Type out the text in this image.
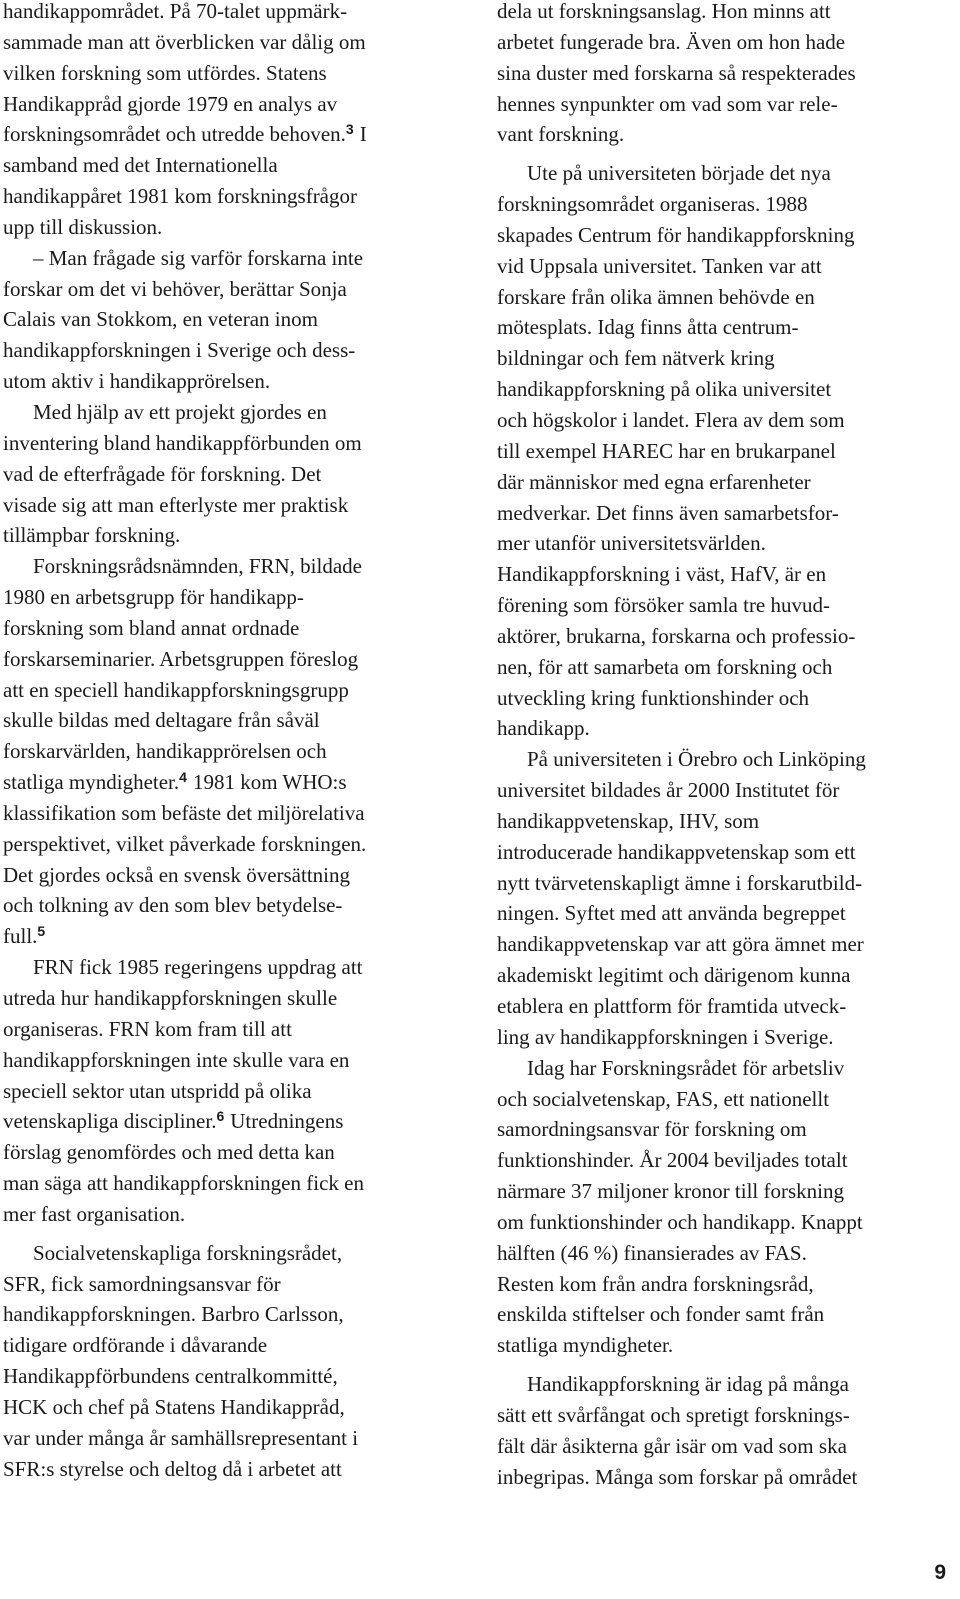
handikappområdet. På 70-talet uppmärk-
sammade man att överblicken var dålig om
vilken forskning som utfördes. Statens
Handikappråd gjorde 1979 en analys av
forskningsområdet och utredde behoven.$^3$ I
samband med det Internationella
handikappåret 1981 kom forskningsfrågor
upp till diskussion.
– Man frågade sig varför forskarna inte
forskar om det vi behöver, berättar Sonja
Calais van Stokkom, en veteran inom
handikappforskningen i Sverige och dess-
utom aktiv i handikapprörelsen.
Med hjälp av ett projekt gjordes en
inventering bland handikappförbunden om
vad de efterfrågade för forskning. Det
visade sig att man efterlyste mer praktisk
tillämpbar forskning.
Forskningsrådsnämnden, FRN, bildade
1980 en arbetsgrupp för handikapp-
forskning som bland annat ordnade
forskarseminarier. Arbetsgruppen föreslog
att en speciell handikappforskningsgrupp
skulle bildas med deltagare från såväl
forskarvärlden, handikapprörelsen och
statliga myndigheter.$^4$ 1981 kom WHO:s
klassifikation som befäste det miljörelativa
perspektivet, vilket påverkade forskningen.
Det gjordes också en svensk översättning
och tolkning av den som blev betydelse-
full.$^5$
FRN fick 1985 regeringens uppdrag att
utreda hur handikappforskningen skulle
organiseras. FRN kom fram till att
handikappforskningen inte skulle vara en
speciell sektor utan utspridd på olika
vetenskapliga discipliner.$^6$ Utredningens
förslag genomfördes och med detta kan
man säga att handikappforskningen fick en
mer fast organisation.
Socialvetenskapliga forskningsrådet,
SFR, fick samordningsansvar för
handikappforskningen. Barbro Carlsson,
tidigare ordförande i dåvarande
Handikappförbundens centralkommitté,
HCK och chef på Statens Handikappråd,
var under många år samhällsrepresentant i
SFR:s styrelse och deltog då i arbetet att
dela ut forskningsanslag. Hon minns att
arbetet fungerade bra. Även om hon hade
sina duster med forskarna så respekterades
hennes synpunkter om vad som var rele-
vant forskning.
Ute på universiteten började det nya
forskningsområdet organiseras. 1988
skapades Centrum för handikappforskning
vid Uppsala universitet. Tanken var att
forskare från olika ämnen behövde en
mötesplats. Idag finns åtta centrum-
bildningar och fem nätverk kring
handikappforskning på olika universitet
och högskolor i landet. Flera av dem som
till exempel HAREC har en brukarpanel
där människor med egna erfarenheter
medverkar. Det finns även samarbetsfor-
mer utanför universitetsvärlden.
Handikappforskning i väst, HafV, är en
förening som försöker samla tre huvud-
aktörer, brukarna, forskarna och professio-
nen, för att samarbeta om forskning och
utveckling kring funktionshinder och
handikapp.
På universiteten i Örebro och Linköping
universitet bildades år 2000 Institutet för
handikappvetenskap, IHV, som
introducerade handikappvetenskap som ett
nytt tvärvetenskapligt ämne i forskarutbild-
ningen. Syftet med att använda begreppet
handikappvetenskap var att göra ämnet mer
akademiskt legitimt och därigenom kunna
etablera en plattform för framtida utveck-
ling av handikappforskningen i Sverige.
Idag har Forskningsrådet för arbetsliv
och socialvetenskap, FAS, ett nationellt
samordningsansvar för forskning om
funktionshinder. År 2004 beviljades totalt
närmare 37 miljoner kronor till forskning
om funktionshinder och handikapp. Knappt
hälften (46 %) finansierades av FAS.
Resten kom från andra forskningsråd,
enskilda stiftelser och fonder samt från
statliga myndigheter.
Handikappforskning är idag på många
sätt ett svårfångat och spretigt forsknings-
fält där åsikterna går isär om vad som ska
inbegripas. Många som forskar på området
9
